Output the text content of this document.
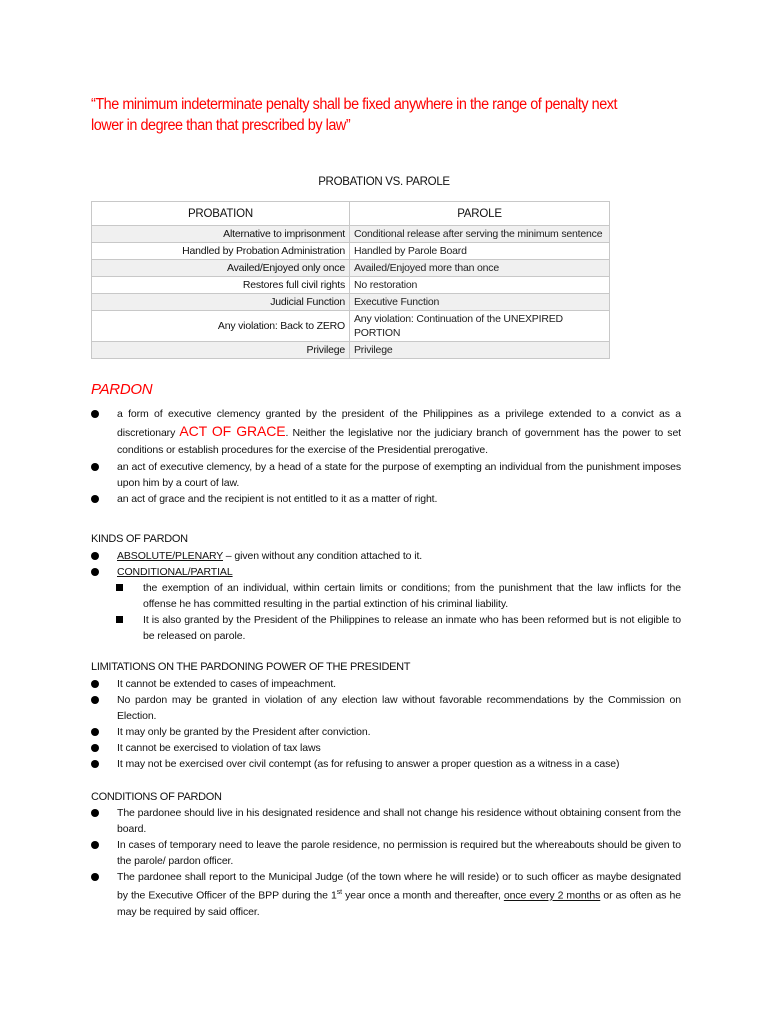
“The minimum indeterminate penalty shall be fixed anywhere in the range of penalty next lower in degree than that prescribed by law”
PROBATION VS. PAROLE
PROBATION	PAROLE
Alternative to imprisonment	Conditional release after serving the minimum sentence
Handled by Probation Administration	Handled by Parole Board
Availed/Enjoyed only once	Availed/Enjoyed more than once
Restores full civil rights	No restoration
Judicial Function	Executive Function
Any violation: Back to ZERO	Any violation: Continuation of the UNEXPIRED PORTION
Privilege	Privilege
PARDON
a form of executive clemency granted by the president of the Philippines as a privilege extended to a convict as a discretionary ACT OF GRACE. Neither the legislative nor the judiciary branch of government has the power to set conditions or establish procedures for the exercise of the Presidential prerogative.
an act of executive clemency, by a head of a state for the purpose of exempting an individual from the punishment imposes upon him by a court of law.
an act of grace and the recipient is not entitled to it as a matter of right.
KINDS OF PARDON
ABSOLUTE/PLENARY – given without any condition attached to it.
CONDITIONAL/PARTIAL
the exemption of an individual, within certain limits or conditions; from the punishment that the law inflicts for the offense he has committed resulting in the partial extinction of his criminal liability.
It is also granted by the President of the Philippines to release an inmate who has been reformed but is not eligible to be released on parole.
LIMITATIONS ON THE PARDONING POWER OF THE PRESIDENT
It cannot be extended to cases of impeachment.
No pardon may be granted in violation of any election law without favorable recommendations by the Commission on Election.
It may only be granted by the President after conviction.
It cannot be exercised to violation of tax laws
It may not be exercised over civil contempt (as for refusing to answer a proper question as a witness in a case)
CONDITIONS OF PARDON
The pardonee should live in his designated residence and shall not change his residence without obtaining consent from the board.
In cases of temporary need to leave the parole residence, no permission is required but the whereabouts should be given to the parole/ pardon officer.
The pardonee shall report to the Municipal Judge (of the town where he will reside) or to such officer as maybe designated by the Executive Officer of the BPP during the 1st year once a month and thereafter, once every 2 months or as often as he may be required by said officer.
